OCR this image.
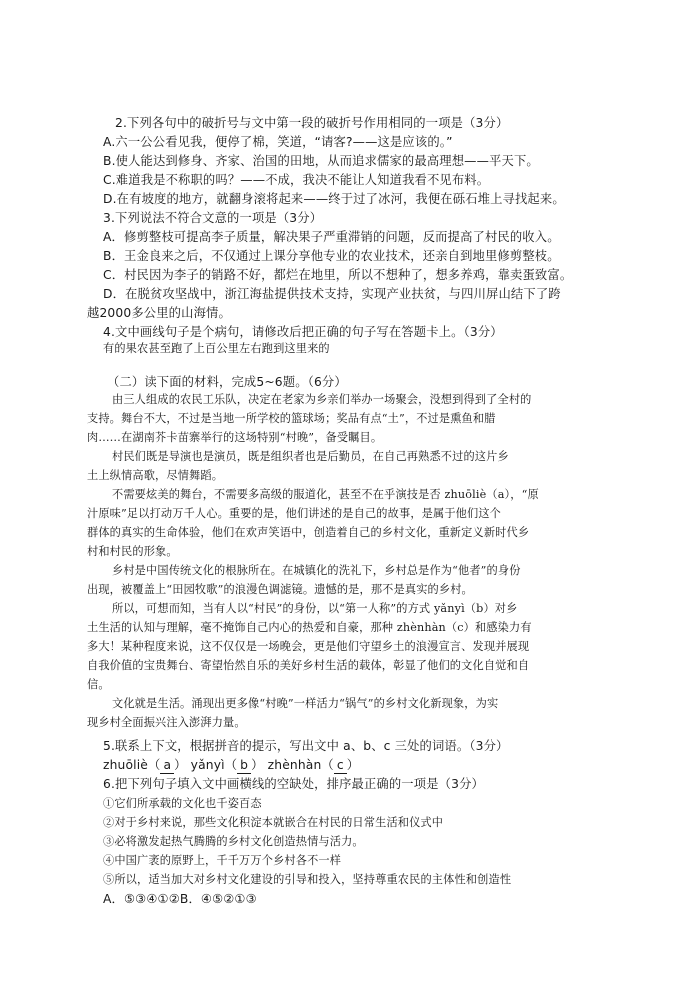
2.下列各句中的破折号与文中第一段的破折号作用相同的一项是（3分）
A.六一公公看见我，便停了棉，笑道，“请客?——这是应该的。”
B.使人能达到修身、齐家、治国的田地，从而追求儒家的最高理想——平天下。
C.难道我是不称职的吗？——不成，我决不能让人知道我看不见布料。
D.在有坡度的地方，就翻身滚将起来——终于过了冰河，我便在砾石堆上寻找起来。
3.下列说法不符合文意的一项是（3分）
A．修剪整枝可提高李子质量，解决果子严重滞销的问题，反而提高了村民的收入。
B．王金良来之后，不仅通过上课分享他专业的农业技术，还亲自到地里修剪整枝。
C．村民因为李子的销路不好，都烂在地里，所以不想种了，想多养鸡，靠卖蛋致富。
D．在脱贫攻坚战中，浙江海盐提供技术支持，实现产业扶贫，与四川屏山结下了跨
越2000多公里的山海情。
4.文中画线句子是个病句，请修改后把正确的句子写在答题卡上。（3分）
有的果农甚至跑了上百公里左右跑到这里来的
（二）读下面的材料，完成5~6题。（6分）
由三人组成的农民工乐队，决定在老家为乡亲们举办一场聚会，没想到得到了全村的
支持。舞台不大，不过是当地一所学校的篮球场；奖品有点“土”，不过是熏鱼和腊
肉……在湖南芥卡苗寨举行的这场特别“村晚”，备受瞩目。
村民们既是导演也是演员，既是组织者也是后勤员，在自己再熟悉不过的这片乡
土上纵情高歌，尽情舞蹈。
不需要炫美的舞台，不需要多高级的服道化，甚至不在乎演技是否 zhuōliè（a），“原
汁原味”足以打动万千人心。重要的是，他们讲述的是自己的故事，是属于他们这个
群体的真实的生命体验，他们在欢声笑语中，创造着自己的乡村文化，重新定义新时代乡
村和村民的形象。
乡村是中国传统文化的根脉所在。在城镇化的洗礼下，乡村总是作为“他者”的身份
出现，被覆盖上“田园牧歌”的浪漫色调滤镜。遗憾的是，那不是真实的乡村。
所以，可想而知，当有人以“村民”的身份，以“第一人称”的方式 yǎnyì（b）对乡
土生活的认知与理解，毫不掩饰自己内心的热爱和自豪，那种 zhènhàn（c）和感染力有
多大！某种程度来说，这不仅仅是一场晚会，更是他们守望乡土的浪漫宣言、发现并展现
自我价值的宝贵舞台、寄望怡然自乐的美好乡村生活的载体，彰显了他们的文化自觉和自
信。
文化就是生活。涌现出更多像“村晚”一样活力“锅气”的乡村文化新现象，为实
现乡村全面振兴注入澎湃力量。
5.联系上下文，根据拼音的提示，写出文中 a、b、c 三处的词语。（3分）
zhuōliè（ a ） yǎnyì（ b ） zhènhàn（ c ）
6.把下列句子填入文中画横线的空缺处，排序最正确的一项是（3分）
①它们所承载的文化也千姿百态
②对于乡村来说，那些文化积淀本就嵌合在村民的日常生活和仪式中
③必将激发起热气腾腾的乡村文化创造热情与活力。
④中国广袤的原野上，千千万万个乡村各不一样
⑤所以，适当加大对乡村文化建设的引导和投入，坚持尊重农民的主体性和创造性
A．⑤③④①②B．④⑤②①③
